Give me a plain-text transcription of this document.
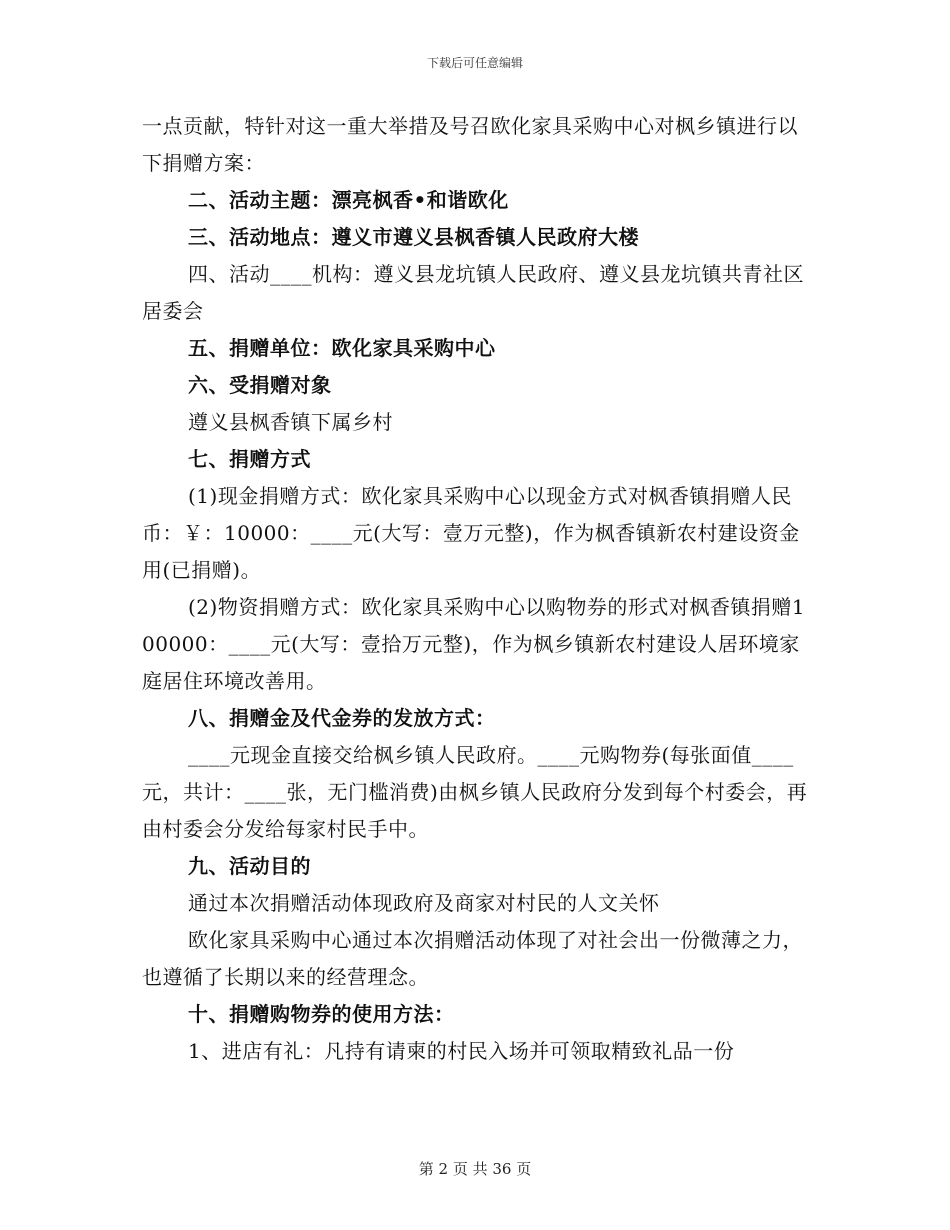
下载后可任意编辑

一点贡献，特针对这一重大举措及号召欧化家具采购中心对枫乡镇进行以下捐赠方案：

二、活动主题：漂亮枫香•和谐欧化

三、活动地点：遵义市遵义县枫香镇人民政府大楼

四、活动____机构：遵义县龙坑镇人民政府、遵义县龙坑镇共青社区居委会

五、捐赠单位：欧化家具采购中心

六、受捐赠对象

遵义县枫香镇下属乡村

七、捐赠方式

(1)现金捐赠方式：欧化家具采购中心以现金方式对枫香镇捐赠人民币：￥：10000：____元(大写：壹万元整)，作为枫香镇新农村建设资金用(已捐赠)。

(2)物资捐赠方式：欧化家具采购中心以购物券的形式对枫香镇捐赠100000：____元(大写：壹拾万元整)，作为枫乡镇新农村建设人居环境家庭居住环境改善用。

八、捐赠金及代金券的发放方式：

____元现金直接交给枫乡镇人民政府。____元购物券(每张面值____元，共计：____张，无门槛消费)由枫乡镇人民政府分发到每个村委会，再由村委会分发给每家村民手中。

九、活动目的

通过本次捐赠活动体现政府及商家对村民的人文关怀

欧化家具采购中心通过本次捐赠活动体现了对社会出一份微薄之力，也遵循了长期以来的经营理念。

十、捐赠购物券的使用方法：

1、进店有礼：凡持有请柬的村民入场并可领取精致礼品一份

第 2 页 共 36 页
